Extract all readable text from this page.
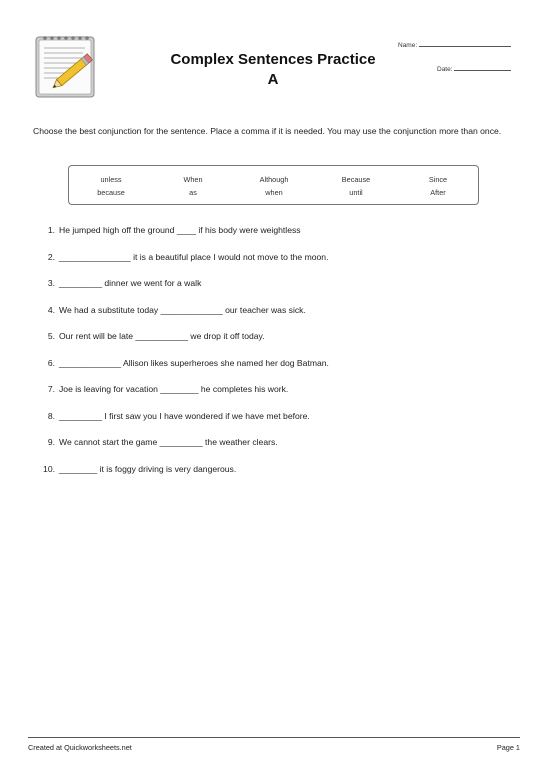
Complex Sentences Practice
A
Name:
Date:
Choose the best conjunction for the sentence. Place a comma if it is needed. You may use the conjunction more than once.
unless	When	Although	Because	Since
because	as	when	until	After
1. He jumped high off the ground ____ if his body were weightless
2. _______________ it is a beautiful place I would not move to the moon.
3. _________ dinner we went for a walk
4. We had a substitute today _____________ our teacher was sick.
5. Our rent will be late ___________ we drop it off today.
6. _____________ Allison likes superheroes she named her dog Batman.
7. Joe is leaving for vacation ________ he completes his work.
8. _________ I first saw you I have wondered if we have met before.
9. We cannot start the game _________ the weather clears.
10. ________ it is foggy driving is very dangerous.
Created at Quickworksheets.net	Page 1
